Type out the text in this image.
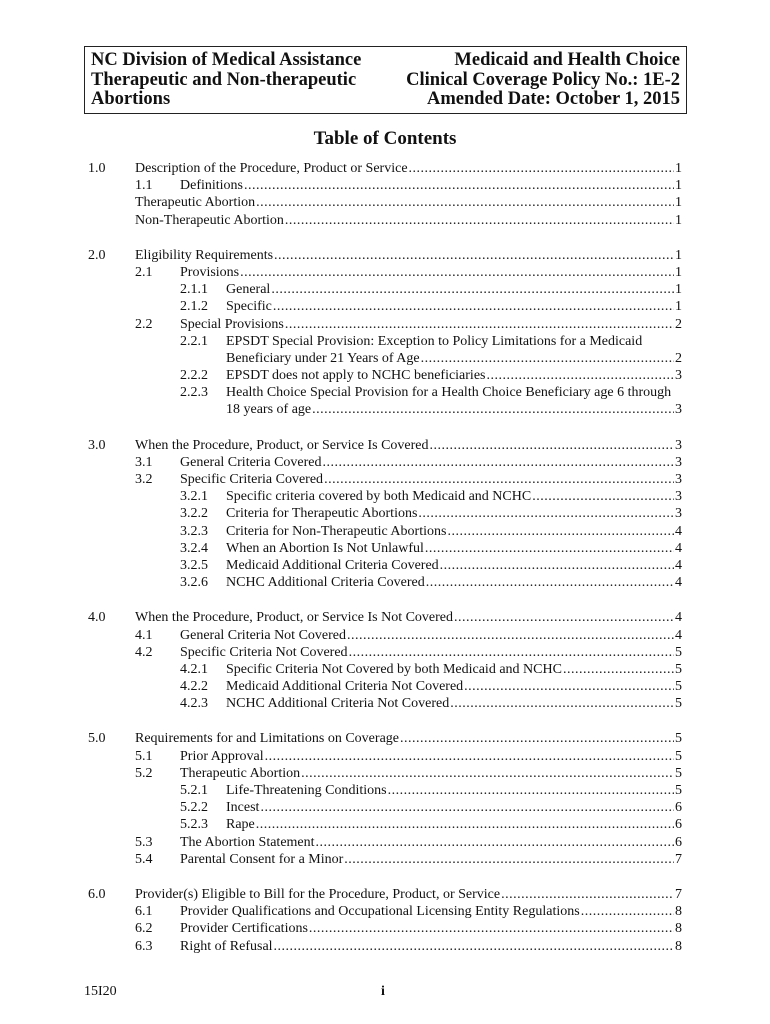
NC Division of Medical Assistance
Therapeutic and Non-therapeutic
Abortions
Medicaid and Health Choice
Clinical Coverage Policy No.: 1E-2
Amended Date: October 1, 2015
Table of Contents
1.0 Description of the Procedure, Product or Service .....	1
1.1 Definitions .....	1
Therapeutic Abortion .....	1
Non-Therapeutic Abortion .....	1
2.0 Eligibility Requirements .....	1
2.1 Provisions .....	1
2.1.1 General .....	1
2.1.2 Specific .....	1
2.2 Special Provisions .....	2
2.2.1 EPSDT Special Provision: Exception to Policy Limitations for a Medicaid
Beneficiary under 21 Years of Age .....	2
2.2.2 EPSDT does not apply to NCHC beneficiaries .....	3
2.2.3 Health Choice Special Provision for a Health Choice Beneficiary age 6 through
18 years of age .....	3
3.0 When the Procedure, Product, or Service Is Covered .....	3
3.1 General Criteria Covered .....	3
3.2 Specific Criteria Covered .....	3
3.2.1 Specific criteria covered by both Medicaid and NCHC .....	3
3.2.2 Criteria for Therapeutic Abortions .....	3
3.2.3 Criteria for Non-Therapeutic Abortions .....	4
3.2.4 When an Abortion Is Not Unlawful .....	4
3.2.5 Medicaid Additional Criteria Covered .....	4
3.2.6 NCHC Additional Criteria Covered .....	4
4.0 When the Procedure, Product, or Service Is Not Covered .....	4
4.1 General Criteria Not Covered .....	4
4.2 Specific Criteria Not Covered .....	5
4.2.1 Specific Criteria Not Covered by both Medicaid and NCHC .....	5
4.2.2 Medicaid Additional Criteria Not Covered .....	5
4.2.3 NCHC Additional Criteria Not Covered .....	5
5.0 Requirements for and Limitations on Coverage .....	5
5.1 Prior Approval .....	5
5.2 Therapeutic Abortion .....	5
5.2.1 Life-Threatening Conditions .....	5
5.2.2 Incest .....	6
5.2.3 Rape .....	6
5.3 The Abortion Statement .....	6
5.4 Parental Consent for a Minor .....	7
6.0 Provider(s) Eligible to Bill for the Procedure, Product, or Service .....	7
6.1 Provider Qualifications and Occupational Licensing Entity Regulations .....	8
6.2 Provider Certifications .....	8
6.3 Right of Refusal .....	8
15I20	i
